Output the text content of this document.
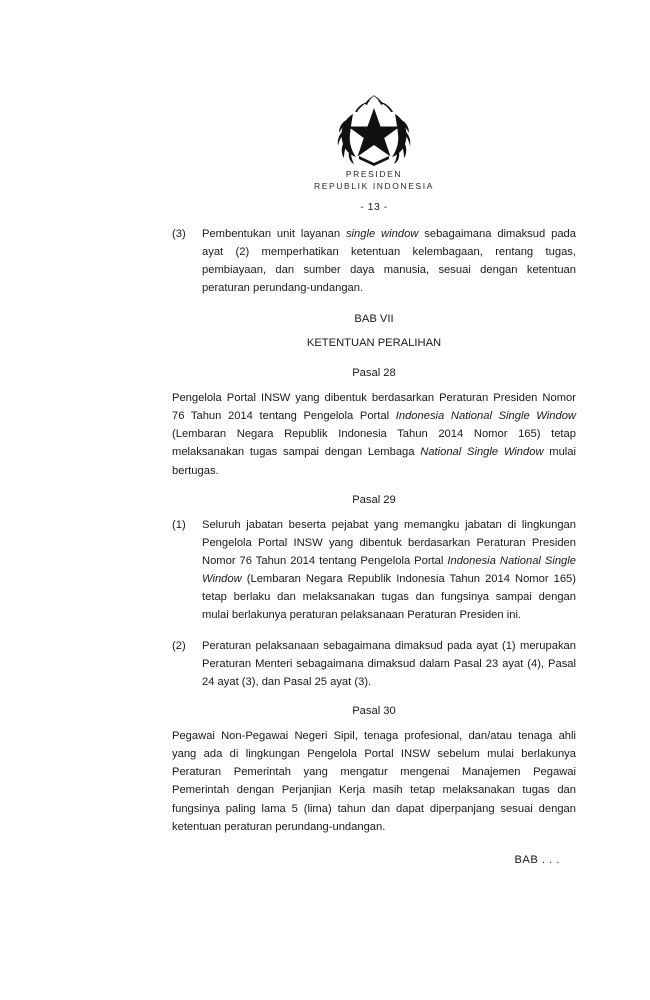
PRESIDEN
REPUBLIK INDONESIA
- 13 -
(3)	Pembentukan unit layanan single window sebagaimana dimaksud pada ayat (2) memperhatikan ketentuan kelembagaan, rentang tugas, pembiayaan, dan sumber daya manusia, sesuai dengan ketentuan peraturan perundang-undangan.
BAB VII
KETENTUAN PERALIHAN
Pasal 28
Pengelola Portal INSW yang dibentuk berdasarkan Peraturan Presiden Nomor 76 Tahun 2014 tentang Pengelola Portal Indonesia National Single Window (Lembaran Negara Republik Indonesia Tahun 2014 Nomor 165) tetap melaksanakan tugas sampai dengan Lembaga National Single Window mulai bertugas.
Pasal 29
(1)	Seluruh jabatan beserta pejabat yang memangku jabatan di lingkungan Pengelola Portal INSW yang dibentuk berdasarkan Peraturan Presiden Nomor 76 Tahun 2014 tentang Pengelola Portal Indonesia National Single Window (Lembaran Negara Republik Indonesia Tahun 2014 Nomor 165) tetap berlaku dan melaksanakan tugas dan fungsinya sampai dengan mulai berlakunya peraturan pelaksanaan Peraturan Presiden ini.
(2)	Peraturan pelaksanaan sebagaimana dimaksud pada ayat (1) merupakan Peraturan Menteri sebagaimana dimaksud dalam Pasal 23 ayat (4), Pasal 24 ayat (3), dan Pasal 25 ayat (3).
Pasal 30
Pegawai Non-Pegawai Negeri Sipil, tenaga profesional, dan/atau tenaga ahli yang ada di lingkungan Pengelola Portal INSW sebelum mulai berlakunya Peraturan Pemerintah yang mengatur mengenai Manajemen Pegawai Pemerintah dengan Perjanjian Kerja masih tetap melaksanakan tugas dan fungsinya paling lama 5 (lima) tahun dan dapat diperpanjang sesuai dengan ketentuan peraturan perundang-undangan.
BAB . . .
